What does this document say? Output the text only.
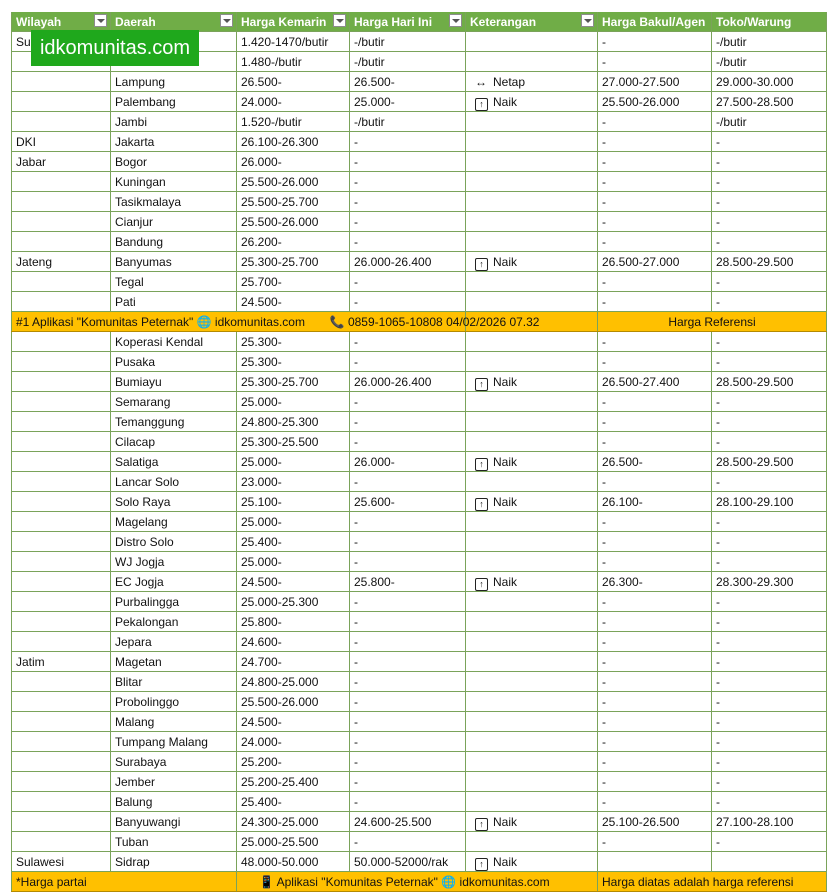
Wilayah	Daerah	Harga Kemarin	Harga Hari Ini	Keterangan	Harga Bakul/Agen	Toko/Warung
Su		1.420-1470/butir	-/butir		-	-/butir
		1.480-/butir	-/butir		-	-/butir
	Lampung	26.500-	26.500-	↔ Netap	27.000-27.500	29.000-30.000
	Palembang	24.000-	25.000-	↑ Naik	25.500-26.000	27.500-28.500
	Jambi	1.520-/butir	-/butir		-	-/butir
DKI	Jakarta	26.100-26.300	-		-	-
Jabar	Bogor	26.000-	-		-	-
	Kuningan	25.500-26.000	-		-	-
	Tasikmalaya	25.500-25.700	-		-	-
	Cianjur	25.500-26.000	-		-	-
	Bandung	26.200-	-		-	-
Jateng	Banyumas	25.300-25.700	26.000-26.400	↑ Naik	26.500-27.000	28.500-29.500
	Tegal	25.700-	-		-	-
	Pati	24.500-	-		-	-
#1 Aplikasi "Komunitas Peternak" 🌐 idkomunitas.com 📞 0859-1065-10808 04/02/2026 07.32					Harga Referensi	
	Koperasi Kendal	25.300-	-		-	-
	Pusaka	25.300-	-		-	-
	Bumiayu	25.300-25.700	26.000-26.400	↑ Naik	26.500-27.400	28.500-29.500
	Semarang	25.000-	-		-	-
	Temanggung	24.800-25.300	-		-	-
	Cilacap	25.300-25.500	-		-	-
	Salatiga	25.000-	26.000-	↑ Naik	26.500-	28.500-29.500
	Lancar Solo	23.000-	-		-	-
	Solo Raya	25.100-	25.600-	↑ Naik	26.100-	28.100-29.100
	Magelang	25.000-	-		-	-
	Distro Solo	25.400-	-		-	-
	WJ Jogja	25.000-	-		-	-
	EC Jogja	24.500-	25.800-	↑ Naik	26.300-	28.300-29.300
	Purbalingga	25.000-25.300	-		-	-
	Pekalongan	25.800-	-		-	-
	Jepara	24.600-	-		-	-
Jatim	Magetan	24.700-	-		-	-
	Blitar	24.800-25.000	-		-	-
	Probolinggo	25.500-26.000	-		-	-
	Malang	24.500-	-		-	-
	Tumpang Malang	24.000-	-		-	-
	Surabaya	25.200-	-		-	-
	Jember	25.200-25.400	-		-	-
	Balung	25.400-	-		-	-
	Banyuwangi	24.300-25.000	24.600-25.500	↑ Naik	25.100-26.500	27.100-28.100
	Tuban	25.000-25.500	-		-	-
Sulawesi	Sidrap	48.000-50.000	50.000-52000/rak	↑ Naik		
*Harga partai		📱 Aplikasi "Komunitas Peternak" 🌐 idkomunitas.com			Harga diatas adalah harga referensi	
idkomunitas.com
